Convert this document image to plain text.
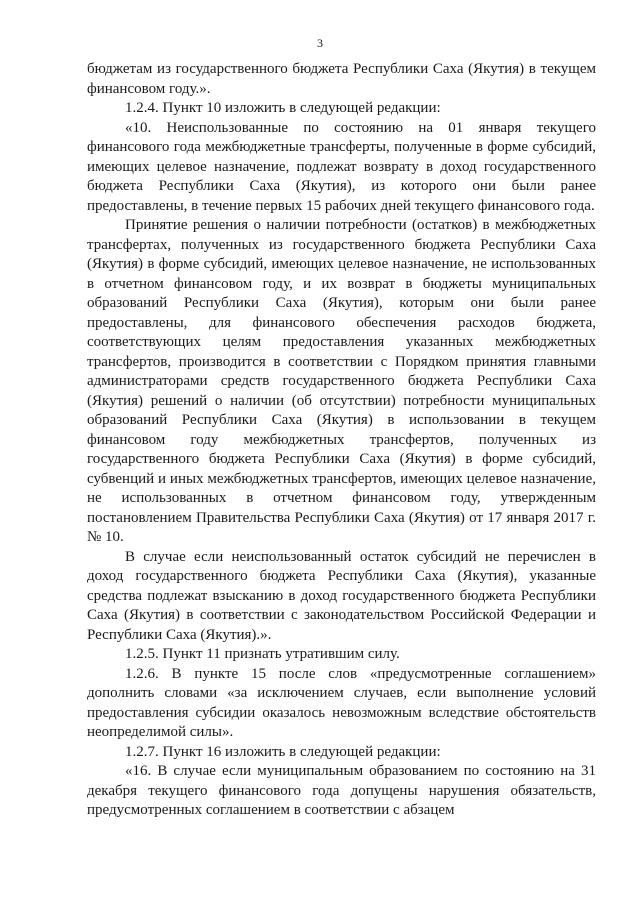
3

бюджетам из государственного бюджета Республики Саха (Якутия) в текущем финансовом году.».

1.2.4. Пункт 10 изложить в следующей редакции:

«10. Неиспользованные по состоянию на 01 января текущего финансового года межбюджетные трансферты, полученные в форме субсидий, имеющих целевое назначение, подлежат возврату в доход государственного бюджета Республики Саха (Якутия), из которого они были ранее предоставлены, в течение первых 15 рабочих дней текущего финансового года.

Принятие решения о наличии потребности (остатков) в межбюджетных трансфертах, полученных из государственного бюджета Республики Саха (Якутия) в форме субсидий, имеющих целевое назначение, не использованных в отчетном финансовом году, и их возврат в бюджеты муниципальных образований Республики Саха (Якутия), которым они были ранее предоставлены, для финансового обеспечения расходов бюджета, соответствующих целям предоставления указанных межбюджетных трансфертов, производится в соответствии с Порядком принятия главными администраторами средств государственного бюджета Республики Саха (Якутия) решений о наличии (об отсутствии) потребности муниципальных образований Республики Саха (Якутия) в использовании в текущем финансовом году межбюджетных трансфертов, полученных из государственного бюджета Республики Саха (Якутия) в форме субсидий, субвенций и иных межбюджетных трансфертов, имеющих целевое назначение, не использованных в отчетном финансовом году, утвержденным постановлением Правительства Республики Саха (Якутия) от 17 января 2017 г. № 10.

В случае если неиспользованный остаток субсидий не перечислен в доход государственного бюджета Республики Саха (Якутия), указанные средства подлежат взысканию в доход государственного бюджета Республики Саха (Якутия) в соответствии с законодательством Российской Федерации и Республики Саха (Якутия).».

1.2.5. Пункт 11 признать утратившим силу.

1.2.6. В пункте 15 после слов «предусмотренные соглашением» дополнить словами «за исключением случаев, если выполнение условий предоставления субсидии оказалось невозможным вследствие обстоятельств неопределимой силы».

1.2.7. Пункт 16 изложить в следующей редакции:

«16. В случае если муниципальным образованием по состоянию на 31 декабря текущего финансового года допущены нарушения обязательств, предусмотренных соглашением в соответствии с абзацем
